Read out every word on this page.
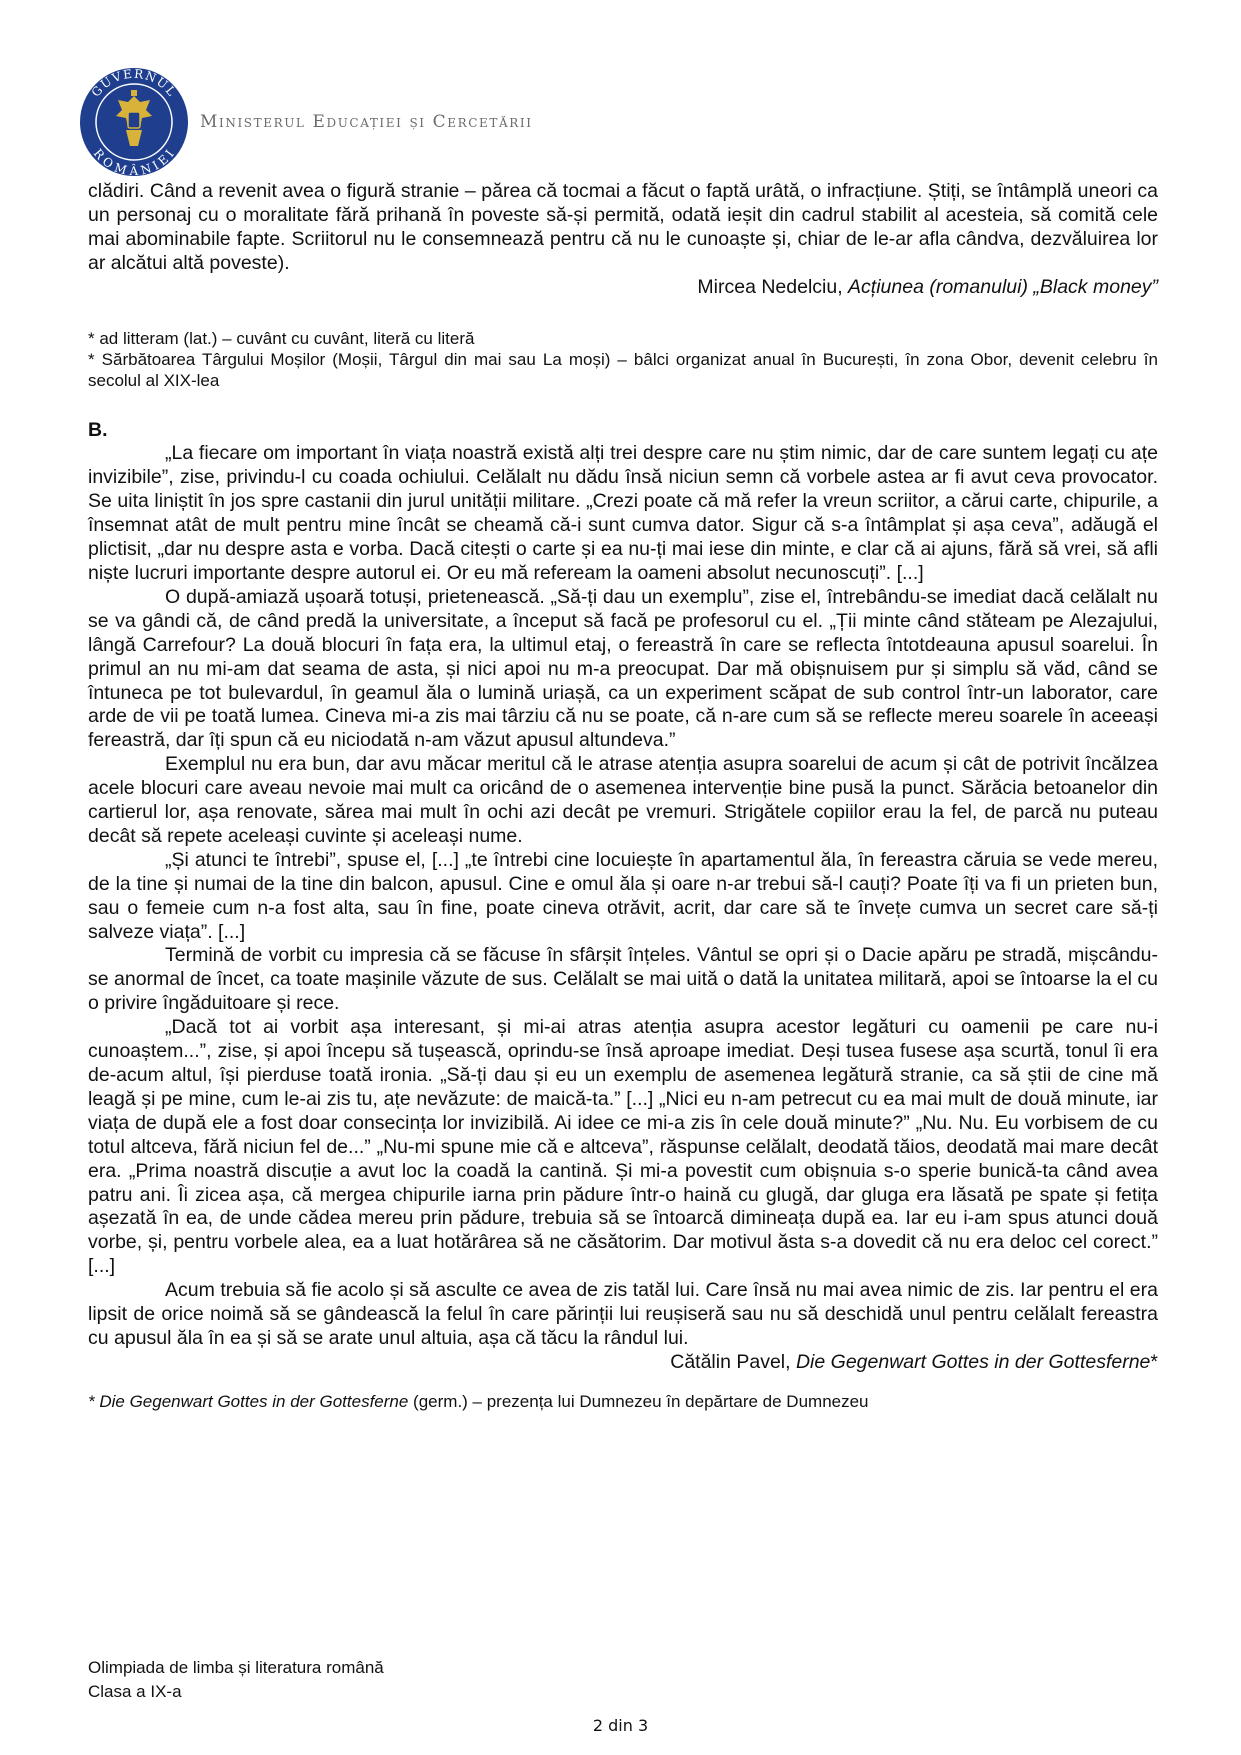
GUVERNUL
ROMÂNIEI
Ministerul Educației și Cercetării

clădiri. Când a revenit avea o figură stranie – părea că tocmai a făcut o faptă urâtă, o infracțiune. Știți, se întâmplă uneori ca un personaj cu o moralitate fără prihană în poveste să-și permită, odată ieșit din cadrul stabilit al acesteia, să comită cele mai abominabile fapte. Scriitorul nu le consemnează pentru că nu le cunoaște și, chiar de le-ar afla cândva, dezvăluirea lor ar alcătui altă poveste).

Mircea Nedelciu, Acțiunea (romanului) „Black money”

* ad litteram (lat.) – cuvânt cu cuvânt, literă cu literă

* Sărbătoarea Târgului Moșilor (Moșii, Târgul din mai sau La moși) – bâlci organizat anual în București, în zona Obor, devenit celebru în secolul al XIX-lea

B.

„La fiecare om important în viața noastră există alți trei despre care nu știm nimic, dar de care suntem legați cu ațe invizibile”, zise, privindu-l cu coada ochiului. Celălalt nu dădu însă niciun semn că vorbele astea ar fi avut ceva provocator. Se uita liniștit în jos spre castanii din jurul unității militare. „Crezi poate că mă refer la vreun scriitor, a cărui carte, chipurile, a însemnat atât de mult pentru mine încât se cheamă că-i sunt cumva dator. Sigur că s-a întâmplat și așa ceva”, adăugă el plictisit, „dar nu despre asta e vorba. Dacă citești o carte și ea nu-ți mai iese din minte, e clar că ai ajuns, fără să vrei, să afli niște lucruri importante despre autorul ei. Or eu mă refeream la oameni absolut necunoscuți”. [...]

O după-amiază ușoară totuși, prietenească. „Să-ți dau un exemplu”, zise el, întrebându-se imediat dacă celălalt nu se va gândi că, de când predă la universitate, a început să facă pe profesorul cu el. „Ții minte când stăteam pe Alezajului, lângă Carrefour? La două blocuri în fața era, la ultimul etaj, o fereastră în care se reflecta întotdeauna apusul soarelui. În primul an nu mi-am dat seama de asta, și nici apoi nu m-a preocupat. Dar mă obișnuisem pur și simplu să văd, când se întuneca pe tot bulevardul, în geamul ăla o lumină uriașă, ca un experiment scăpat de sub control într-un laborator, care arde de vii pe toată lumea. Cineva mi-a zis mai târziu că nu se poate, că n-are cum să se reflecte mereu soarele în aceeași fereastră, dar îți spun că eu niciodată n-am văzut apusul altundeva.”

Exemplul nu era bun, dar avu măcar meritul că le atrase atenția asupra soarelui de acum și cât de potrivit încălzea acele blocuri care aveau nevoie mai mult ca oricând de o asemenea intervenție bine pusă la punct. Sărăcia betoanelor din cartierul lor, așa renovate, sărea mai mult în ochi azi decât pe vremuri. Strigătele copiilor erau la fel, de parcă nu puteau decât să repete aceleași cuvinte și aceleași nume.

„Și atunci te întrebi”, spuse el, [...] „te întrebi cine locuiește în apartamentul ăla, în fereastra căruia se vede mereu, de la tine și numai de la tine din balcon, apusul. Cine e omul ăla și oare n-ar trebui să-l cauți? Poate îți va fi un prieten bun, sau o femeie cum n-a fost alta, sau în fine, poate cineva otrăvit, acrit, dar care să te învețe cumva un secret care să-ți salveze viața”. [...]

Termină de vorbit cu impresia că se făcuse în sfârșit înțeles. Vântul se opri și o Dacie apăru pe stradă, mișcându-se anormal de încet, ca toate mașinile văzute de sus. Celălalt se mai uită o dată la unitatea militară, apoi se întoarse la el cu o privire îngăduitoare și rece.

„Dacă tot ai vorbit așa interesant, și mi-ai atras atenția asupra acestor legături cu oamenii pe care nu-i cunoaștem...”, zise, și apoi începu să tușească, oprindu-se însă aproape imediat. Deși tusea fusese așa scurtă, tonul îi era de-acum altul, își pierduse toată ironia. „Să-ți dau și eu un exemplu de asemenea legătură stranie, ca să știi de cine mă leagă și pe mine, cum le-ai zis tu, ațe nevăzute: de maică-ta.” [...] „Nici eu n-am petrecut cu ea mai mult de două minute, iar viața de după ele a fost doar consecința lor invizibilă. Ai idee ce mi-a zis în cele două minute?” „Nu. Nu. Eu vorbisem de cu totul altceva, fără niciun fel de...” „Nu-mi spune mie că e altceva”, răspunse celălalt, deodată tăios, deodată mai mare decât era. „Prima noastră discuție a avut loc la coadă la cantină. Și mi-a povestit cum obișnuia s-o sperie bunică-ta când avea patru ani. Îi zicea așa, că mergea chipurile iarna prin pădure într-o haină cu glugă, dar gluga era lăsată pe spate și fetița așezată în ea, de unde cădea mereu prin pădure, trebuia să se întoarcă dimineața după ea. Iar eu i-am spus atunci două vorbe, și, pentru vorbele alea, ea a luat hotărârea să ne căsătorim. Dar motivul ăsta s-a dovedit că nu era deloc cel corect.” [...]

Acum trebuia să fie acolo și să asculte ce avea de zis tatăl lui. Care însă nu mai avea nimic de zis. Iar pentru el era lipsit de orice noimă să se gândească la felul în care părinții lui reușiseră sau nu să deschidă unul pentru celălalt fereastra cu apusul ăla în ea și să se arate unul altuia, așa că tăcu la rândul lui.

Cătălin Pavel, Die Gegenwart Gottes in der Gottesferne*

* Die Gegenwart Gottes in der Gottesferne (germ.) – prezența lui Dumnezeu în depărtare de Dumnezeu

Olimpiada de limba și literatura română
Clasa a IX-a
2 din 3
